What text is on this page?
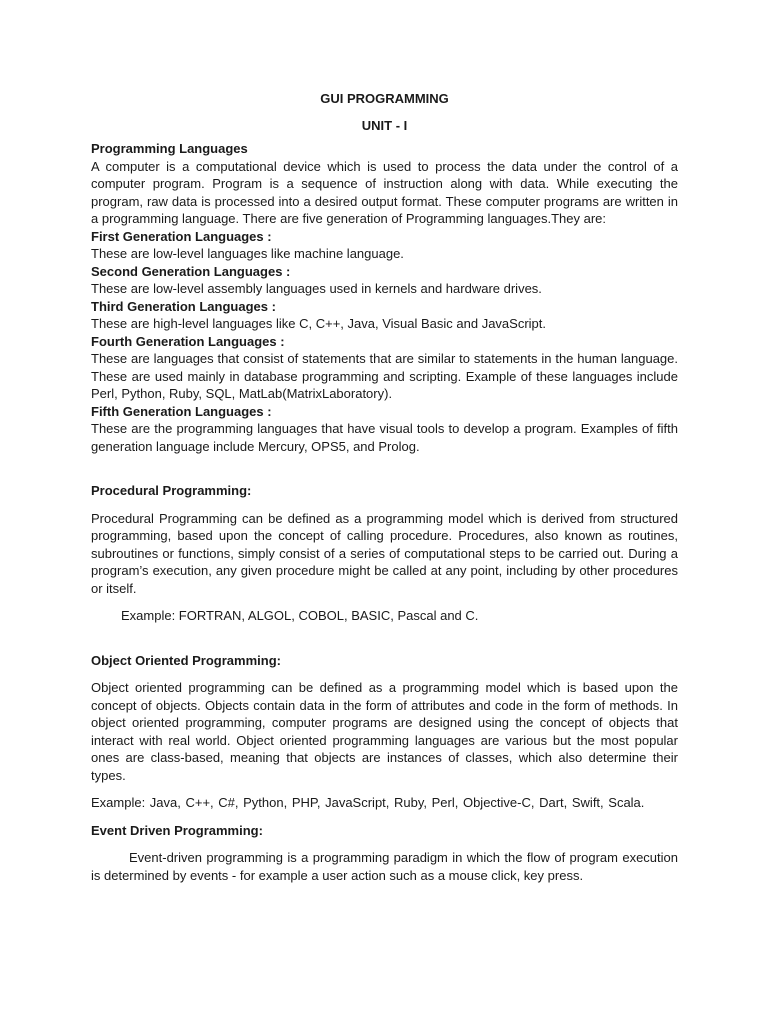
GUI PROGRAMMING

UNIT - I

Programming Languages

A computer is a computational device which is used to process the data under the control of a computer program. Program is a sequence of instruction along with data. While executing the program, raw data is processed into a desired output format. These computer programs are written in a programming language. There are five generation of Programming languages.They are:

First Generation Languages :

These are low-level languages like machine language.

Second Generation Languages :

These are low-level assembly languages used in kernels and hardware drives.

Third Generation Languages :

These are high-level languages like C, C++, Java, Visual Basic and JavaScript.

Fourth Generation Languages :

These are languages that consist of statements that are similar to statements in the human language. These are used mainly in database programming and scripting. Example of these languages include Perl, Python, Ruby, SQL, MatLab(MatrixLaboratory).

Fifth Generation Languages :

These are the programming languages that have visual tools to develop a program. Examples of fifth generation language include Mercury, OPS5, and Prolog.

Procedural Programming:

Procedural Programming can be defined as a programming model which is derived from structured programming, based upon the concept of calling procedure. Procedures, also known as routines, subroutines or functions, simply consist of a series of computational steps to be carried out. During a program’s execution, any given procedure might be called at any point, including by other procedures or itself.

Example: FORTRAN, ALGOL, COBOL, BASIC, Pascal and C.

Object Oriented Programming:

Object oriented programming can be defined as a programming model which is based upon the concept of objects. Objects contain data in the form of attributes and code in the form of methods. In object oriented programming, computer programs are designed using the concept of objects that interact with real world. Object oriented programming languages are various but the most popular ones are class-based, meaning that objects are instances of classes, which also determine their types.

Example: Java, C++, C#, Python, PHP, JavaScript, Ruby, Perl, Objective-C, Dart, Swift, Scala.

Event Driven Programming:

Event-driven programming is a programming paradigm in which the flow of program execution is determined by events - for example a user action such as a mouse click, key press.
